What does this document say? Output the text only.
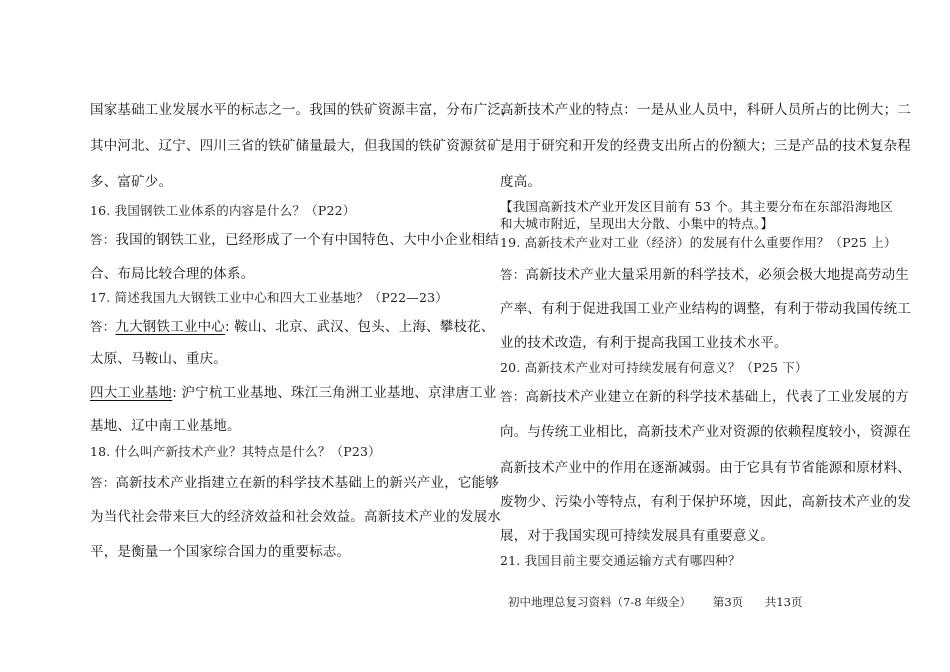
国家基础工业发展水平的标志之一。我国的铁矿资源丰富，分布广泛，
其中河北、辽宁、四川三省的铁矿储量最大，但我国的铁矿资源贫矿
多、富矿少。
16. 我国钢铁工业体系的内容是什么？（P22）
答：我国的钢铁工业，已经形成了一个有中国特色、大中小企业相结
合、布局比较合理的体系。
17. 简述我国九大钢铁工业中心和四大工业基地？（P22—23）
答：九大钢铁工业中心: 鞍山、北京、武汉、包头、上海、攀枝花、
太原、马鞍山、重庆。
四大工业基地: 沪宁杭工业基地、珠江三角洲工业基地、京津唐工业
基地、辽中南工业基地。
18. 什么叫产新技术产业？其特点是什么？（P23）
答：高新技术产业指建立在新的科学技术基础上的新兴产业，它能够
为当代社会带来巨大的经济效益和社会效益。高新技术产业的发展水
平，是衡量一个国家综合国力的重要标志。
高新技术产业的特点：一是从业人员中，科研人员所占的比例大；二
是用于研究和开发的经费支出所占的份额大；三是产品的技术复杂程
度高。
【我国高新技术产业开发区目前有 53 个。其主要分布在东部沿海地区
和大城市附近，呈现出大分散、小集中的特点。】
19. 高新技术产业对工业（经济）的发展有什么重要作用？（P25 上）
答：高新技术产业大量采用新的科学技术，必须会极大地提高劳动生
产率、有利于促进我国工业产业结构的调整，有利于带动我国传统工
业的技术改造，有利于提高我国工业技术水平。
20. 高新技术产业对可持续发展有何意义？（P25 下）
答：高新技术产业建立在新的科学技术基础上，代表了工业发展的方
向。与传统工业相比，高新技术产业对资源的依赖程度较小，资源在
高新技术产业中的作用在逐渐减弱。由于它具有节省能源和原材料、
废物少、污染小等特点，有利于保护环境，因此，高新技术产业的发
展，对于我国实现可持续发展具有重要意义。
21. 我国目前主要交通运输方式有哪四种？
初中地理总复习资料（7-8 年级全） 第3页 共13页
